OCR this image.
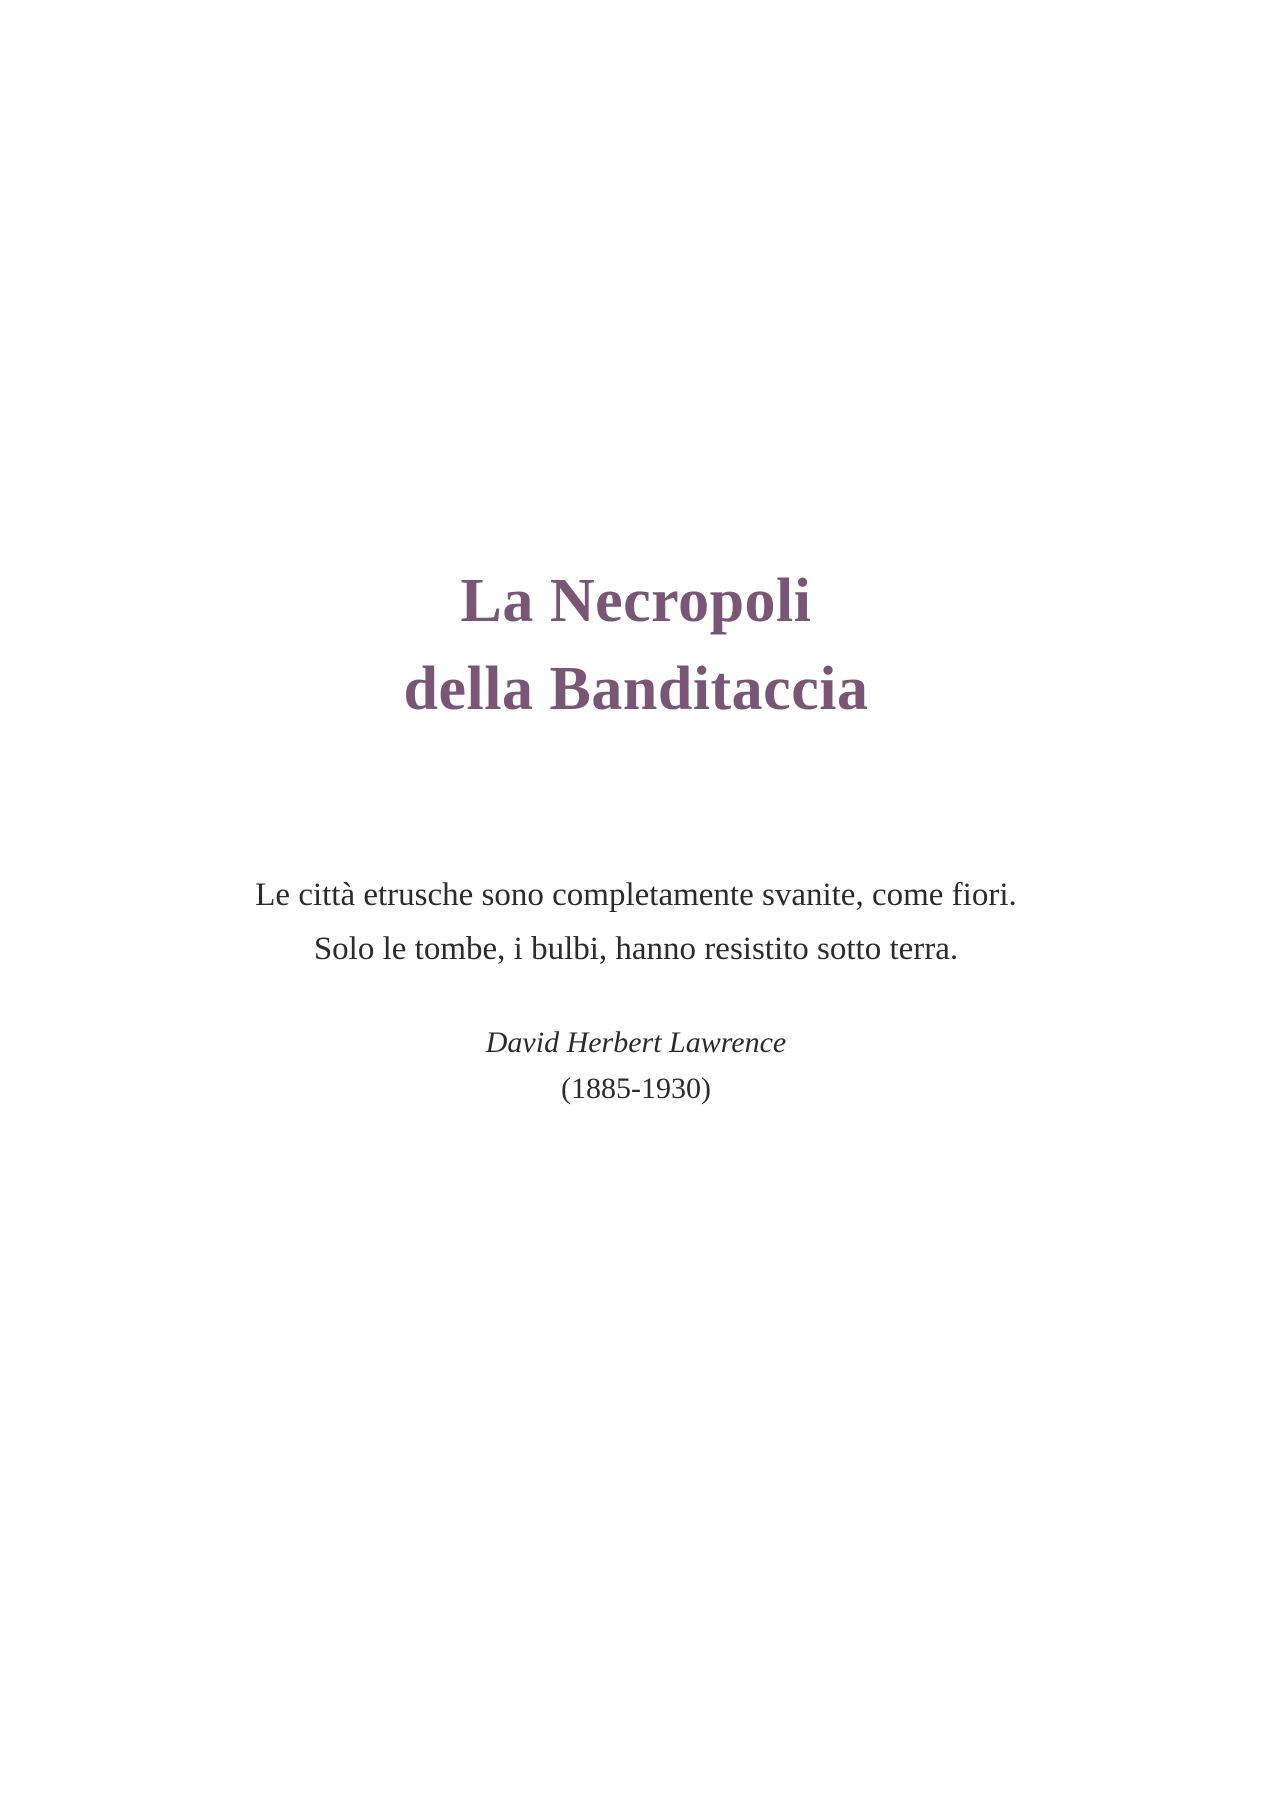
La Necropoli
della Banditaccia
Le città etrusche sono completamente svanite, come fiori.
Solo le tombe, i bulbi, hanno resistito sotto terra.
David Herbert Lawrence
(1885-1930)
